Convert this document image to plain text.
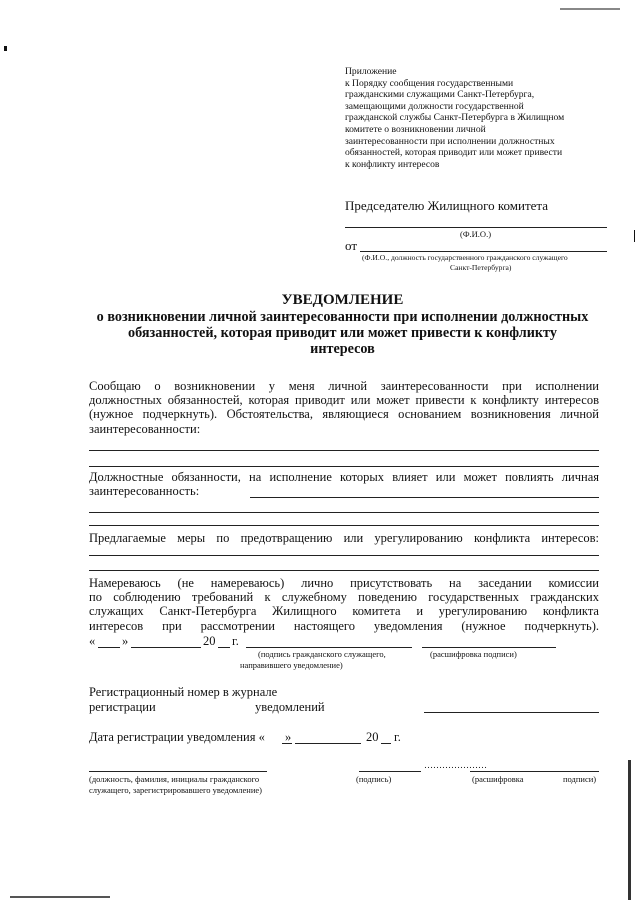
Приложение
к Порядку сообщения государственными
гражданскими служащими Санкт-Петербурга,
замещающими должности государственной
гражданской службы Санкт-Петербурга в Жилищном
комитете о возникновении личной
заинтересованности при исполнении должностных
обязанностей, которая приводит или может привести
к конфликту интересов
Председателю Жилищного комитета
(Ф.И.О.)
от
(Ф.И.О., должность государственного гражданского служащего
Санкт-Петербурга)
УВЕДОМЛЕНИЕ
о возникновении личной заинтересованности при исполнении должностных
обязанностей, которая приводит или может привести к конфликту
интересов
Сообщаю о возникновении у меня личной заинтересованности при исполнении
должностных обязанностей, которая приводит или может привести к конфликту интересов
(нужное подчеркнуть). Обстоятельства, являющиеся основанием возникновения личной
заинтересованности:
Должностные обязанности, на исполнение которых влияет или может повлиять личная
заинтересованность:
Предлагаемые меры по предотвращению или урегулированию конфликта интересов:
Намереваюсь (не намереваюсь) лично присутствовать на заседании комиссии
по соблюдению требований к служебному поведению государственных гражданских
служащих Санкт-Петербурга Жилищного комитета и урегулированию конфликта
интересов при рассмотрении настоящего уведомления (нужное подчеркнуть).
« »	20 г.
(подпись гражданского служащего,
направившего уведомление)
(расшифровка подписи)
Регистрационный номер в журнале
регистрации	уведомлений
Дата регистрации уведомления « »	20 г.
…………………
(должность, фамилия, инициалы гражданского
служащего, зарегистрировавшего уведомление)
(подпись)	(расшифровка	подписи)
